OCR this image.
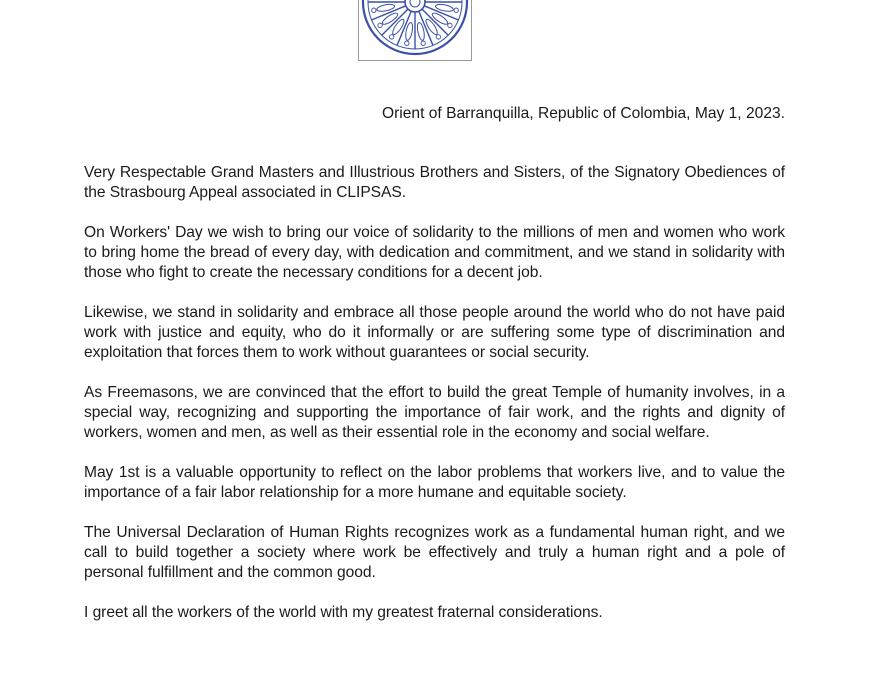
Orient of Barranquilla, Republic of Colombia, May 1, 2023.

Very Respectable Grand Masters and Illustrious Brothers and Sisters, of the Signatory Obediences of the Strasbourg Appeal associated in CLIPSAS.

On Workers' Day we wish to bring our voice of solidarity to the millions of men and women who work to bring home the bread of every day, with dedication and commitment, and we stand in solidarity with those who fight to create the necessary conditions for a decent job.

Likewise, we stand in solidarity and embrace all those people around the world who do not have paid work with justice and equity, who do it informally or are suffering some type of discrimination and exploitation that forces them to work without guarantees or social security.

As Freemasons, we are convinced that the effort to build the great Temple of humanity involves, in a special way, recognizing and supporting the importance of fair work, and the rights and dignity of workers, women and men, as well as their essential role in the economy and social welfare.

May 1st is a valuable opportunity to reflect on the labor problems that workers live, and to value the importance of a fair labor relationship for a more humane and equitable society.

The Universal Declaration of Human Rights recognizes work as a fundamental human right, and we call to build together a society where work be effectively and truly a human right and a pole of personal fulfillment and the common good.

I greet all the workers of the world with my greatest fraternal considerations.
